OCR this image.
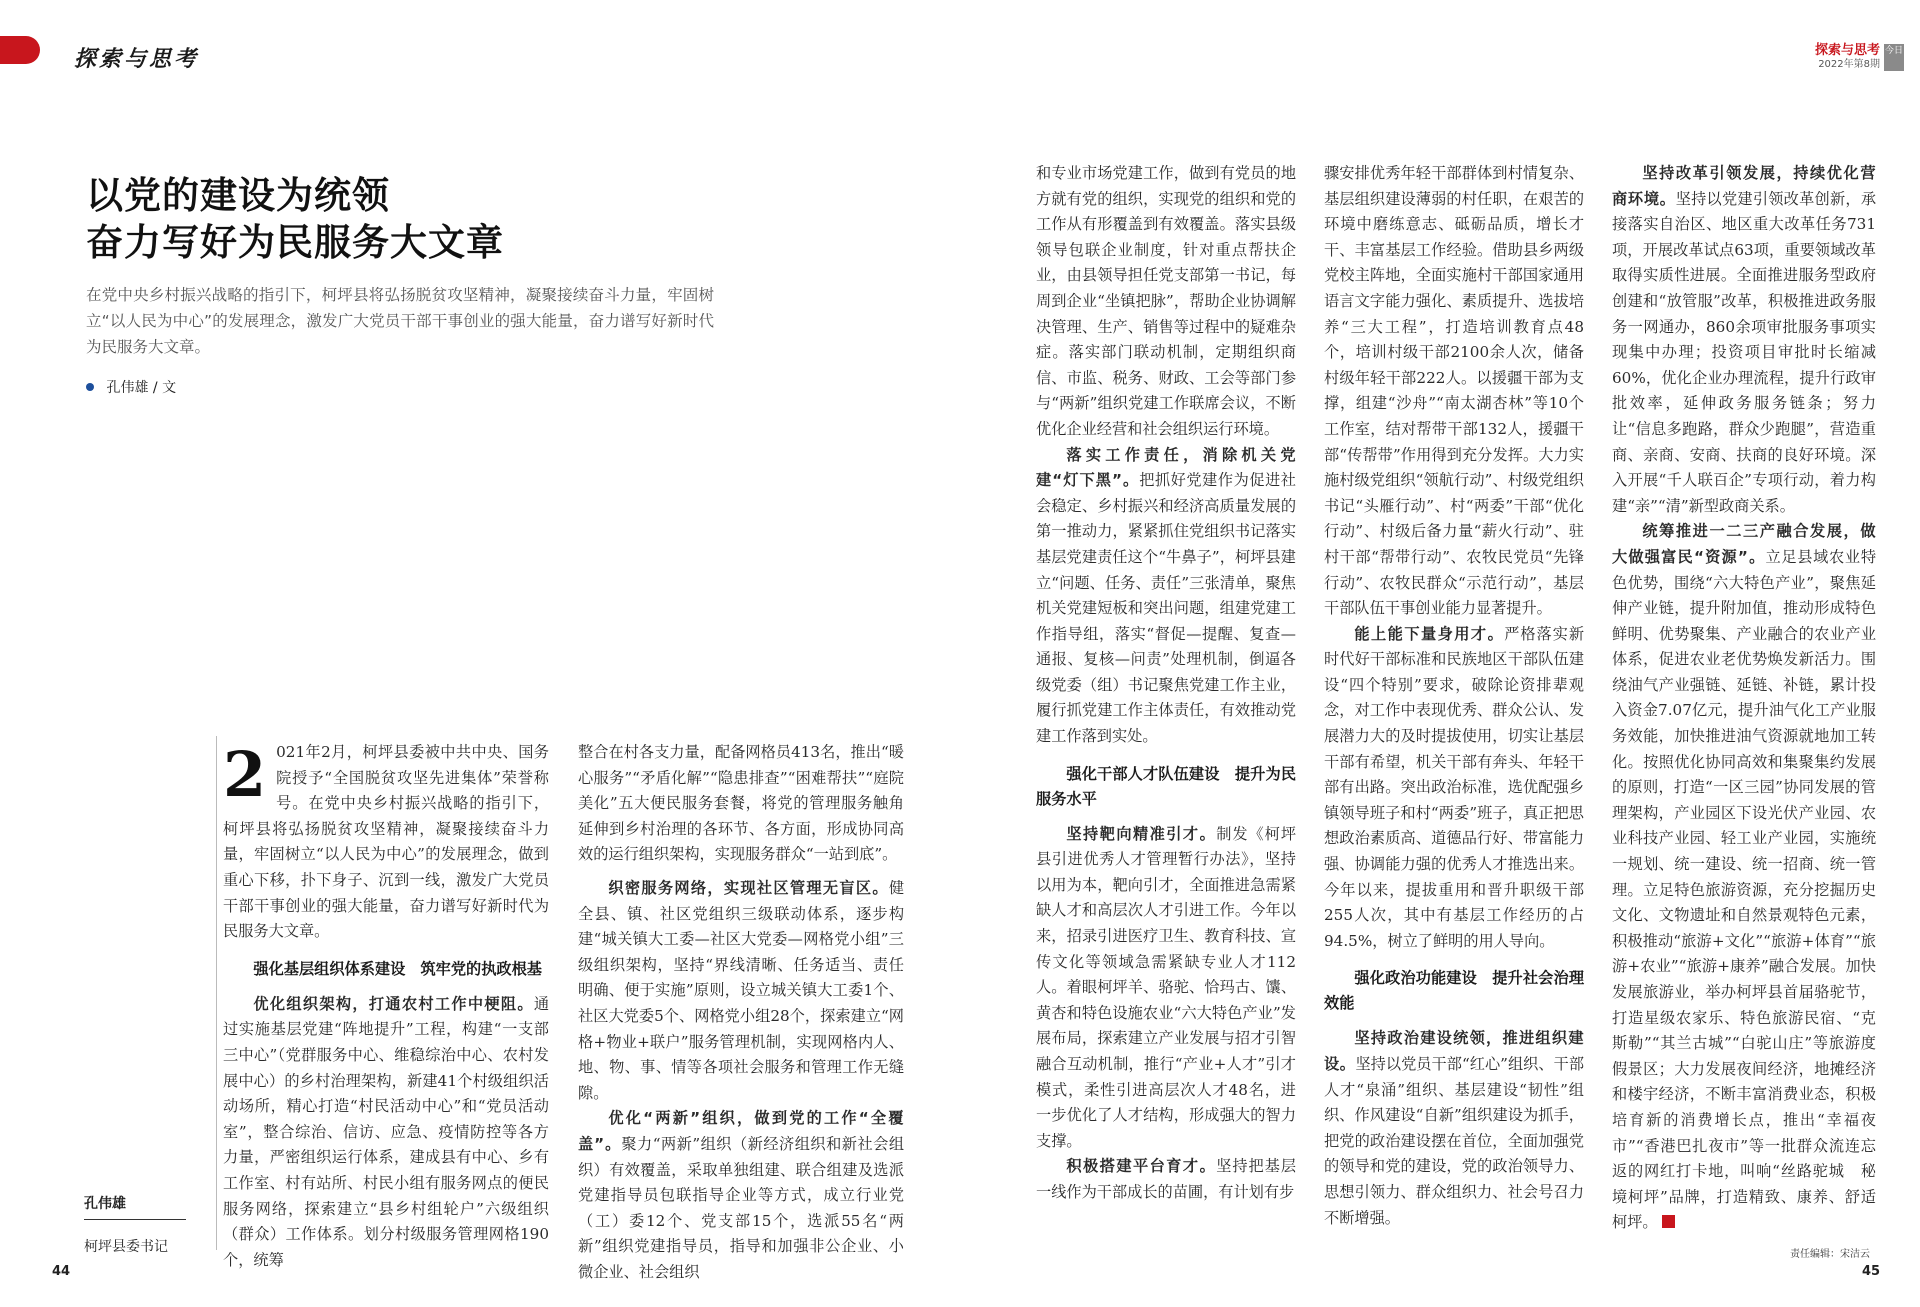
探索与思考	探索与思考
2022年第8期
今日
以党的建设为统领
奋力写好为民服务大文章
在党中央乡村振兴战略的指引下，柯坪县将弘扬脱贫攻坚精神，凝聚接续奋斗力量，牢固树立“以人民为中心”的发展理念，激发广大党员干部干事创业的强大能量，奋力谱写好新时代为民服务大文章。
孔伟雄 / 文
孔伟雄
柯坪县委书记
2 021年2月，柯坪县委被中共中央、国务院授予“全国脱贫攻坚先进集体”荣誉称号。在党中央乡村振兴战略的指引下，柯坪县将弘扬脱贫攻坚精神，凝聚接续奋斗力量，牢固树立“以人民为中心”的发展理念，做到重心下移，扑下身子、沉到一线，激发广大党员干部干事创业的强大能量，奋力谱写好新时代为民服务大文章。

强化基层组织体系建设　筑牢党的执政根基

优化组织架构，打通农村工作中梗阻。通过实施基层党建“阵地提升”工程，构建“一支部三中心”（党群服务中心、维稳综治中心、农村发展中心）的乡村治理架构，新建41个村级组织活动场所，精心打造“村民活动中心”和“党员活动室”，整合综治、信访、应急、疫情防控等各方力量，严密组织运行体系，建成县有中心、乡有工作室、村有站所、村民小组有服务网点的便民服务网络，探索建立“县乡村组轮户”六级组织（群众）工作体系。划分村级服务管理网格190个，统筹

整合在村各支力量，配备网格员413名，推出“暖心服务”“矛盾化解”“隐患排查”“困难帮扶”“庭院美化”五大便民服务套餐，将党的管理服务触角延伸到乡村治理的各环节、各方面，形成协同高效的运行组织架构，实现服务群众“一站到底”。

织密服务网络，实现社区管理无盲区。健全县、镇、社区党组织三级联动体系，逐步构建“城关镇大工委—社区大党委—网格党小组”三级组织架构，坚持“界线清晰、任务适当、责任明确、便于实施”原则，设立城关镇大工委1个、社区大党委5个、网格党小组28个，探索建立“网格+物业+联户”服务管理机制，实现网格内人、地、物、事、情等各项社会服务和管理工作无缝隙。

优化“两新”组织，做到党的工作“全覆盖”。聚力“两新”组织（新经济组织和新社会组织）有效覆盖，采取单独组建、联合组建及选派党建指导员包联指导企业等方式，成立行业党（工）委12个、党支部15个，选派55名“两新”组织党建指导员，指导和加强非公企业、小微企业、社会组织

和专业市场党建工作，做到有党员的地方就有党的组织，实现党的组织和党的工作从有形覆盖到有效覆盖。落实县级领导包联企业制度，针对重点帮扶企业，由县领导担任党支部第一书记，每周到企业“坐镇把脉”，帮助企业协调解决管理、生产、销售等过程中的疑难杂症。落实部门联动机制，定期组织商信、市监、税务、财政、工会等部门参与“两新”组织党建工作联席会议，不断优化企业经营和社会组织运行环境。

落实工作责任，消除机关党建“灯下黑”。把抓好党建作为促进社会稳定、乡村振兴和经济高质量发展的第一推动力，紧紧抓住党组织书记落实基层党建责任这个“牛鼻子”，柯坪县建立“问题、任务、责任”三张清单，聚焦机关党建短板和突出问题，组建党建工作指导组，落实“督促—提醒、复查—通报、复核—问责”处理机制，倒逼各级党委（组）书记聚焦党建工作主业，履行抓党建工作主体责任，有效推动党建工作落到实处。

强化干部人才队伍建设　提升为民服务水平

坚持靶向精准引才。制发《柯坪县引进优秀人才管理暂行办法》，坚持以用为本，靶向引才，全面推进急需紧缺人才和高层次人才引进工作。今年以来，招录引进医疗卫生、教育科技、宣传文化等领域急需紧缺专业人才112人。着眼柯坪羊、骆驼、恰玛古、馕、黄杏和特色设施农业“六大特色产业”发展布局，探索建立产业发展与招才引智融合互动机制，推行“产业+人才”引才模式，柔性引进高层次人才48名，进一步优化了人才结构，形成强大的智力支撑。

积极搭建平台育才。坚持把基层一线作为干部成长的苗圃，有计划有步

骤安排优秀年轻干部群体到村情复杂、基层组织建设薄弱的村任职，在艰苦的环境中磨练意志、砥砺品质，增长才干、丰富基层工作经验。借助县乡两级党校主阵地，全面实施村干部国家通用语言文字能力强化、素质提升、选拔培养“三大工程”，打造培训教育点48个，培训村级干部2100余人次，储备村级年轻干部222人。以援疆干部为支撑，组建“沙舟”“南太湖杏林”等10个工作室，结对帮带干部132人，援疆干部“传帮带”作用得到充分发挥。大力实施村级党组织“领航行动”、村级党组织书记“头雁行动”、村“两委”干部“优化行动”、村级后备力量“薪火行动”、驻村干部“帮带行动”、农牧民党员“先锋行动”、农牧民群众“示范行动”，基层干部队伍干事创业能力显著提升。

能上能下量身用才。严格落实新时代好干部标准和民族地区干部队伍建设“四个特别”要求，破除论资排辈观念，对工作中表现优秀、群众公认、发展潜力大的及时提拔使用，切实让基层干部有希望，机关干部有奔头、年轻干部有出路。突出政治标准，选优配强乡镇领导班子和村“两委”班子，真正把思想政治素质高、道德品行好、带富能力强、协调能力强的优秀人才推选出来。今年以来，提拔重用和晋升职级干部255人次，其中有基层工作经历的占94.5%，树立了鲜明的用人导向。

强化政治功能建设　提升社会治理效能

坚持政治建设统领，推进组织建设。坚持以党员干部“红心”组织、干部人才“泉涌”组织、基层建设“韧性”组织、作风建设“自新”组织建设为抓手，把党的政治建设摆在首位，全面加强党的领导和党的建设，党的政治领导力、思想引领力、群众组织力、社会号召力不断增强。

坚持改革引领发展，持续优化营商环境。坚持以党建引领改革创新，承接落实自治区、地区重大改革任务731项，开展改革试点63项，重要领域改革取得实质性进展。全面推进服务型政府创建和“放管服”改革，积极推进政务服务一网通办，860余项审批服务事项实现集中办理；投资项目审批时长缩减60%，优化企业办理流程，提升行政审批效率，延伸政务服务链条；努力让“信息多跑路，群众少跑腿”，营造重商、亲商、安商、扶商的良好环境。深入开展“千人联百企”专项行动，着力构建“亲”“清”新型政商关系。

统筹推进一二三产融合发展，做大做强富民“资源”。立足县域农业特色优势，围绕“六大特色产业”，聚焦延伸产业链，提升附加值，推动形成特色鲜明、优势聚集、产业融合的农业产业体系，促进农业老优势焕发新活力。围绕油气产业强链、延链、补链，累计投入资金7.07亿元，提升油气化工产业服务效能，加快推进油气资源就地加工转化。按照优化协同高效和集聚集约发展的原则，打造“一区三园”协同发展的管理架构，产业园区下设光伏产业园、农业科技产业园、轻工业产业园，实施统一规划、统一建设、统一招商、统一管理。立足特色旅游资源，充分挖掘历史文化、文物遗址和自然景观特色元素，积极推动“旅游+文化”“旅游+体育”“旅游+农业”“旅游+康养”融合发展。加快发展旅游业，举办柯坪县首届骆驼节，打造星级农家乐、特色旅游民宿、“克斯勒”“其兰古城”“白驼山庄”等旅游度假景区；大力发展夜间经济，地摊经济和楼宇经济，不断丰富消费业态，积极培育新的消费增长点，推出“幸福夜市”“香港巴扎夜市”等一批群众流连忘返的网红打卡地，叫响“丝路驼城　秘境柯坪”品牌，打造精致、康养、舒适柯坪。

44
责任编辑：宋洁云
45
